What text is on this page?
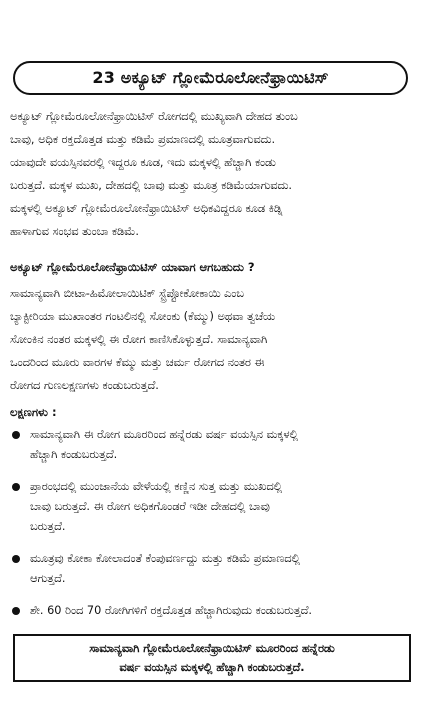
23 ಅಕ್ಯೂಟ್ ಗ್ಲೋಮೆರೂಲೋನೆಫ್ರಾಯಿಟಿಸ್

ಅಕ್ಯೂಟ್ ಗ್ಲೋಮೆರೂಲೋನೆಫ್ರಾಯಿಟಿಸ್ ರೋಗದಲ್ಲಿ ಮುಖ್ಯವಾಗಿ ದೇಹದ ತುಂಬ
ಬಾವು, ಅಧಿಕ ರಕ್ತದೊತ್ತಡ ಮತ್ತು ಕಡಿಮೆ ಪ್ರಮಾಣದಲ್ಲಿ ಮೂತ್ರವಾಗುವದು.
ಯಾವುದೇ ವಯಸ್ಸಿನವರಲ್ಲಿ ಇದ್ದರೂ ಕೂಡ, ಇದು ಮಕ್ಕಳಲ್ಲಿ ಹೆಚ್ಚಾಗಿ ಕಂಡು
ಬರುತ್ತದೆ. ಮಕ್ಕಳ ಮುಖ, ದೇಹದಲ್ಲಿ ಬಾವು ಮತ್ತು ಮೂತ್ರ ಕಡಿಮೆಯಾಗುವದು.
ಮಕ್ಕಳಲ್ಲಿ ಅಕ್ಯೂಟ್ ಗ್ಲೋಮೆರೂಲೋನೆಫ್ರಾಯಿಟಿಸ್ ಅಧಿಕವಿದ್ದರೂ ಕೂಡ ಕಿಡ್ನಿ
ಹಾಳಾಗುವ ಸಂಭವ ತುಂಬಾ ಕಡಿಮೆ.

ಅಕ್ಯೂಟ್ ಗ್ಲೋಮೆರೂಲೋನೆಫ್ರಾಯಿಟಿಸ್ ಯಾವಾಗ ಆಗಬಹುದು ?

ಸಾಮಾನ್ಯವಾಗಿ ಬೀಟಾ-ಹಿಮೋಲಾಯಿಟಿಕ್ ಸ್ಟ್ರೆಪ್ಟೋಕೋಕಾಯಿ ಎಂಬ
ಬ್ಯಾಕ್ಟೀರಿಯಾ ಮುಖಾಂತರ ಗಂಟಲಿನಲ್ಲಿ ಸೋಂಕು (ಕೆಮ್ಮು) ಅಥವಾ ತ್ವಚೆಯ
ಸೋಂಕಿನ ನಂತರ ಮಕ್ಕಳಲ್ಲಿ ಈ ರೋಗ ಕಾಣಿಸಿಕೊಳ್ಳುತ್ತದೆ. ಸಾಮಾನ್ಯವಾಗಿ
ಒಂದರಿಂದ ಮೂರು ವಾರಗಳ ಕೆಮ್ಮು ಮತ್ತು ಚರ್ಮ ರೋಗದ ನಂತರ ಈ
ರೋಗದ ಗುಣಲಕ್ಷಣಗಳು ಕಂಡುಬರುತ್ತದೆ.

ಲಕ್ಷಣಗಳು :

ಸಾಮಾನ್ಯವಾಗಿ ಈ ರೋಗ ಮೂರರಿಂದ ಹನ್ನೆರಡು ವರ್ಷ ವಯಸ್ಸಿನ ಮಕ್ಕಳಲ್ಲಿ
ಹೆಚ್ಚಾಗಿ ಕಂಡುಬರುತ್ತದೆ.
ಪ್ರಾರಂಭದಲ್ಲಿ ಮುಂಜಾನೆಯ ವೇಳೆಯಲ್ಲಿ ಕಣ್ಣಿನ ಸುತ್ತ ಮತ್ತು ಮುಖದಲ್ಲಿ
ಬಾವು ಬರುತ್ತದೆ. ಈ ರೋಗ ಅಧಿಕಗೊಂಡರೆ ಇಡೀ ದೇಹದಲ್ಲಿ ಬಾವು
ಬರುತ್ತದೆ.
ಮೂತ್ರವು ಕೋಕಾ ಕೋಲಾದಂತೆ ಕೆಂಪುವರ್ಣದ್ದು ಮತ್ತು ಕಡಿಮೆ ಪ್ರಮಾಣದಲ್ಲಿ
ಆಗುತ್ತದೆ.
ಶೇ. 60 ರಿಂದ 70 ರೋಗಿಗಳಿಗೆ ರಕ್ತದೊತ್ತಡ ಹೆಚ್ಚಾಗಿರುವುದು ಕಂಡುಬರುತ್ತದೆ.
ಸಾಮಾನ್ಯವಾಗಿ ಗ್ಲೋಮೆರೂಲೋನೆಫ್ರಾಯಿಟಿಸ್ ಮೂರರಿಂದ ಹನ್ನೆರಡು
ವರ್ಷ ವಯಸ್ಸಿನ ಮಕ್ಕಳಲ್ಲಿ ಹೆಚ್ಚಾಗಿ ಕಂಡುಬರುತ್ತದೆ.
